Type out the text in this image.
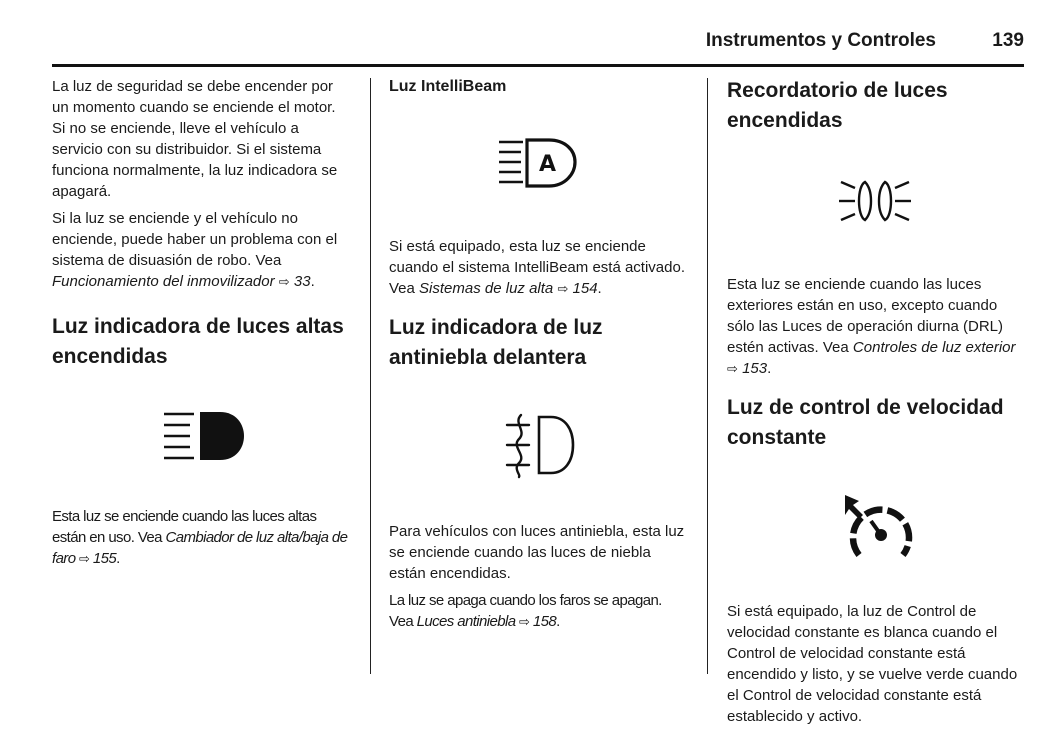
Instrumentos y Controles	139

La luz de seguridad se debe encender por un momento cuando se enciende el motor. Si no se enciende, lleve el vehículo a servicio con su distribuidor. Si el sistema funciona normalmente, la luz indicadora se apagará.

Si la luz se enciende y el vehículo no enciende, puede haber un problema con el sistema de disuasión de robo. Vea Funcionamiento del inmovilizador ⇨ 33.

Luz indicadora de luces altas encendidas

Esta luz se enciende cuando las luces altas están en uso. Vea Cambiador de luz alta/baja de faro ⇨ 155.

Luz IntelliBeam
A

Si está equipado, esta luz se enciende cuando el sistema IntelliBeam está activado. Vea Sistemas de luz alta ⇨ 154.

Luz indicadora de luz antiniebla delantera

Para vehículos con luces antiniebla, esta luz se enciende cuando las luces de niebla están encendidas.

La luz se apaga cuando los faros se apagan. Vea Luces antiniebla ⇨ 158.

Recordatorio de luces encendidas

Esta luz se enciende cuando las luces exteriores están en uso, excepto cuando sólo las Luces de operación diurna (DRL) estén activas. Vea Controles de luz exterior ⇨ 153.

Luz de control de velocidad constante

Si está equipado, la luz de Control de velocidad constante es blanca cuando el Control de velocidad constante está encendido y listo, y se vuelve verde cuando el Control de velocidad constante está establecido y activo.
